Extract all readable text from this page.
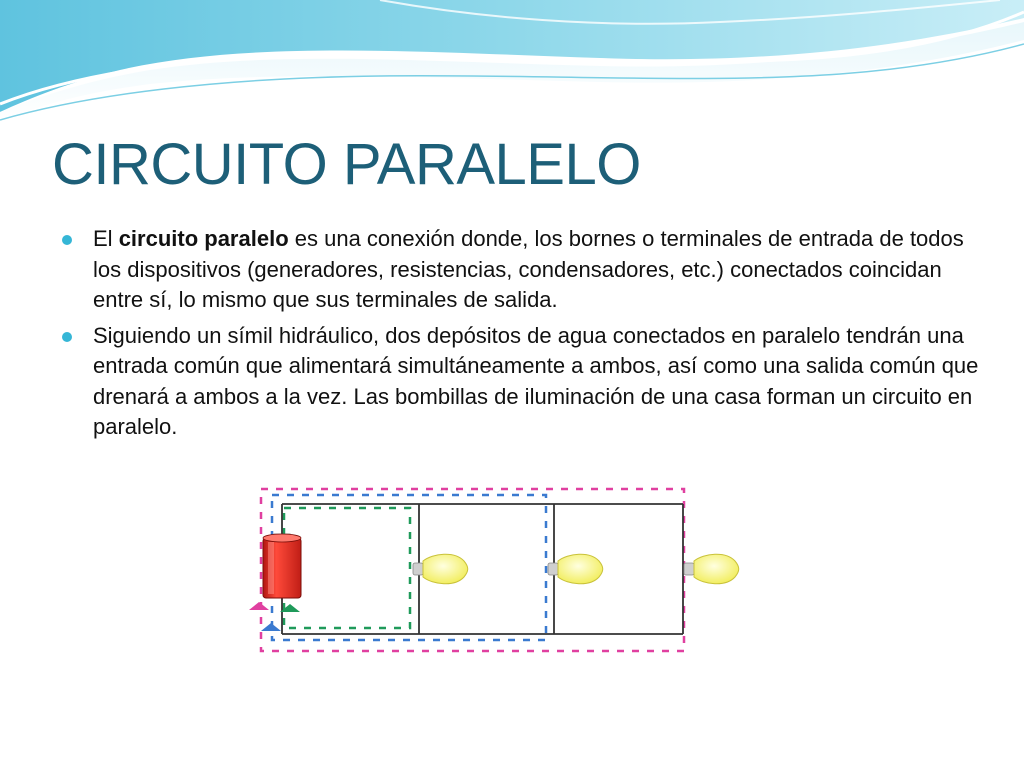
CIRCUITO PARALELO
El circuito paralelo es una conexión donde, los bornes o terminales de entrada de todos los dispositivos (generadores, resistencias, condensadores, etc.) conectados coincidan entre sí, lo mismo que sus terminales de salida.
Siguiendo un símil hidráulico, dos depósitos de agua conectados en paralelo tendrán una entrada común que alimentará simultáneamente a ambos, así como una salida común que drenará a ambos a la vez. Las bombillas de iluminación de una casa forman un circuito en paralelo.
